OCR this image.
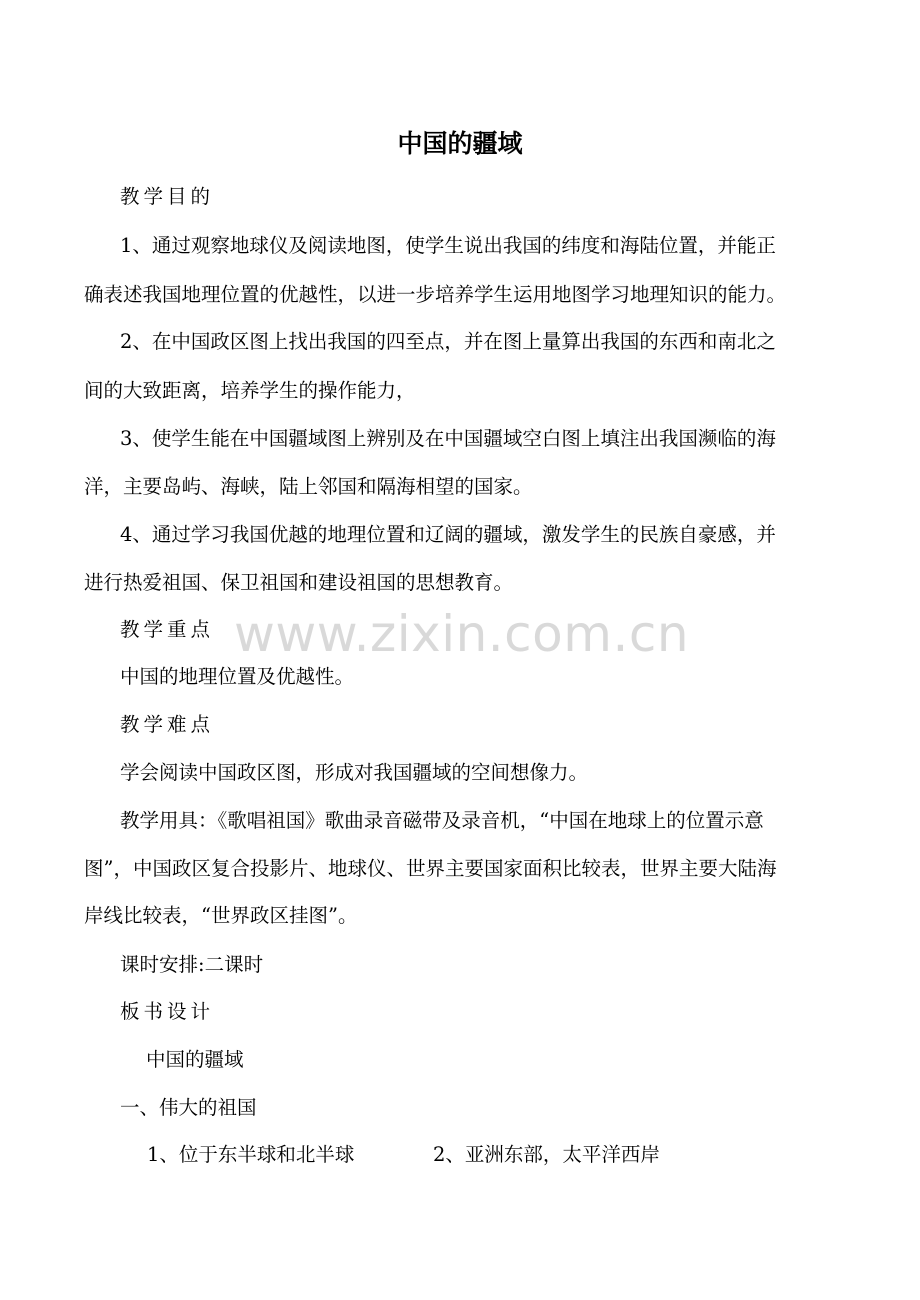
www.zixin.com.cn
中国的疆域
教学目的
1、通过观察地球仪及阅读地图，使学生说出我国的纬度和海陆位置，并能正
确表述我国地理位置的优越性，以进一步培养学生运用地图学习地理知识的能力。
2、在中国政区图上找出我国的四至点，并在图上量算出我国的东西和南北之
间的大致距离，培养学生的操作能力，
3、使学生能在中国疆域图上辨别及在中国疆域空白图上填注出我国濒临的海
洋，主要岛屿、海峡，陆上邻国和隔海相望的国家。
4、通过学习我国优越的地理位置和辽阔的疆域，激发学生的民族自豪感，并
进行热爱祖国、保卫祖国和建设祖国的思想教育。
教学重点
中国的地理位置及优越性。
教学难点
学会阅读中国政区图，形成对我国疆域的空间想像力。
教学用具：《歌唱祖国》歌曲录音磁带及录音机，“中国在地球上的位置示意
图”，中国政区复合投影片、地球仪、世界主要国家面积比较表，世界主要大陆海
岸线比较表，“世界政区挂图”。
课时安排:二课时
板书设计
中国的疆域
一、伟大的祖国
1、位于东半球和北半球	2、亚洲东部，太平洋西岸
